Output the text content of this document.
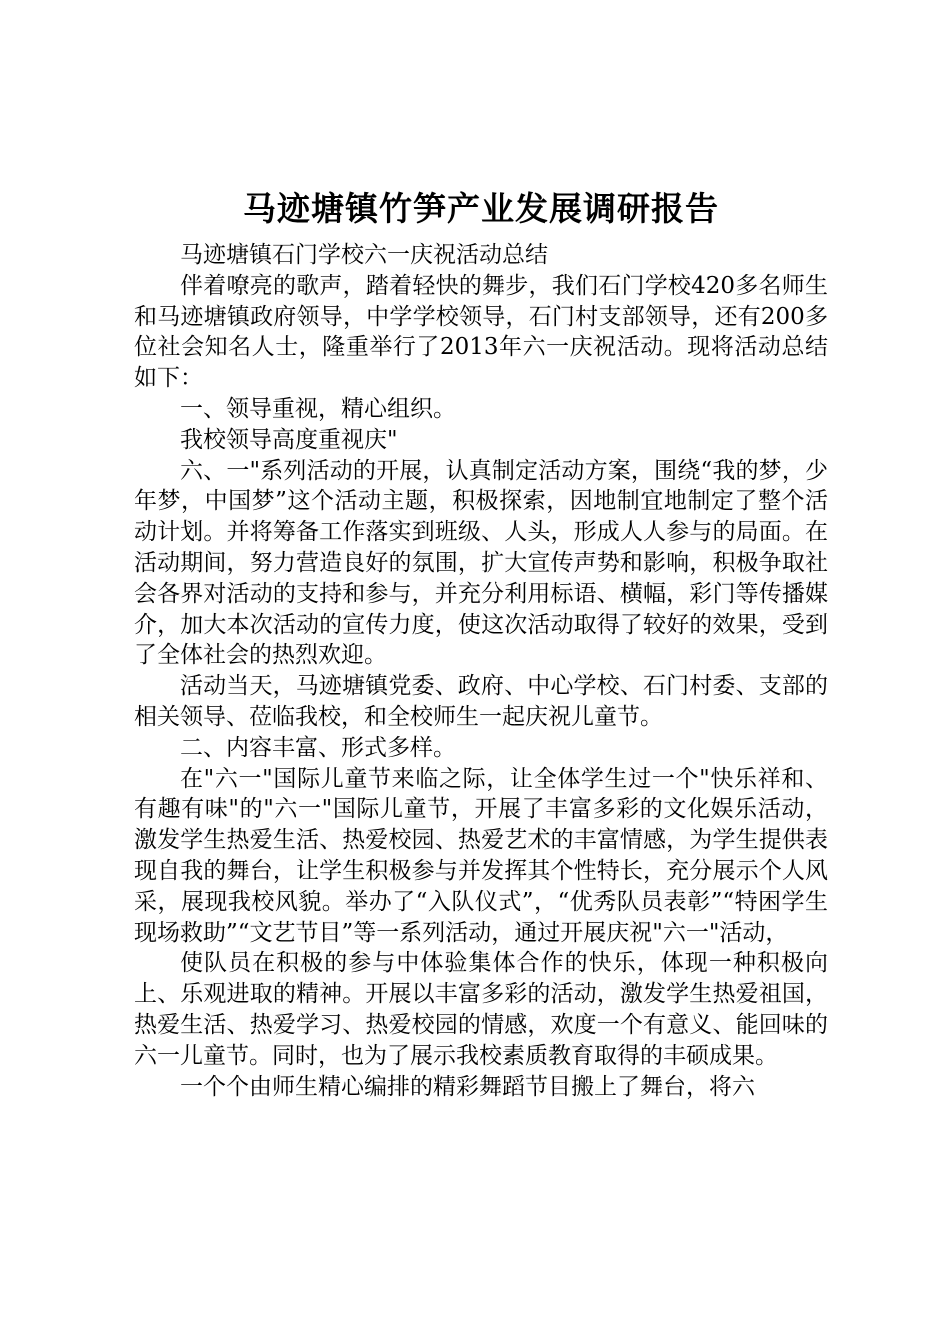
马迹塘镇竹笋产业发展调研报告

马迹塘镇石门学校六一庆祝活动总结

伴着嘹亮的歌声，踏着轻快的舞步，我们石门学校420多名师生和马迹塘镇政府领导，中学学校领导，石门村支部领导，还有200多位社会知名人士，隆重举行了2013年六一庆祝活动。现将活动总结如下：

一、领导重视，精心组织。

我校领导高度重视庆"

六、一"系列活动的开展，认真制定活动方案，围绕“我的梦，少年梦，中国梦”这个活动主题，积极探索，因地制宜地制定了整个活动计划。并将筹备工作落实到班级、人头，形成人人参与的局面。在活动期间，努力营造良好的氛围，扩大宣传声势和影响，积极争取社会各界对活动的支持和参与，并充分利用标语、横幅，彩门等传播媒介，加大本次活动的宣传力度，使这次活动取得了较好的效果，受到了全体社会的热烈欢迎。

活动当天，马迹塘镇党委、政府、中心学校、石门村委、支部的相关领导、莅临我校，和全校师生一起庆祝儿童节。

二、内容丰富、形式多样。

在"六一"国际儿童节来临之际，让全体学生过一个"快乐祥和、有趣有味"的"六一"国际儿童节，开展了丰富多彩的文化娱乐活动，激发学生热爱生活、热爱校园、热爱艺术的丰富情感，为学生提供表现自我的舞台，让学生积极参与并发挥其个性特长，充分展示个人风采，展现我校风貌。举办了“入队仪式”，“优秀队员表彰”“特困学生现场救助”“文艺节目”等一系列活动，通过开展庆祝"六一"活动，

使队员在积极的参与中体验集体合作的快乐，体现一种积极向上、乐观进取的精神。开展以丰富多彩的活动，激发学生热爱祖国，热爱生活、热爱学习、热爱校园的情感，欢度一个有意义、能回味的六一儿童节。同时，也为了展示我校素质教育取得的丰硕成果。

一个个由师生精心编排的精彩舞蹈节目搬上了舞台，将六
